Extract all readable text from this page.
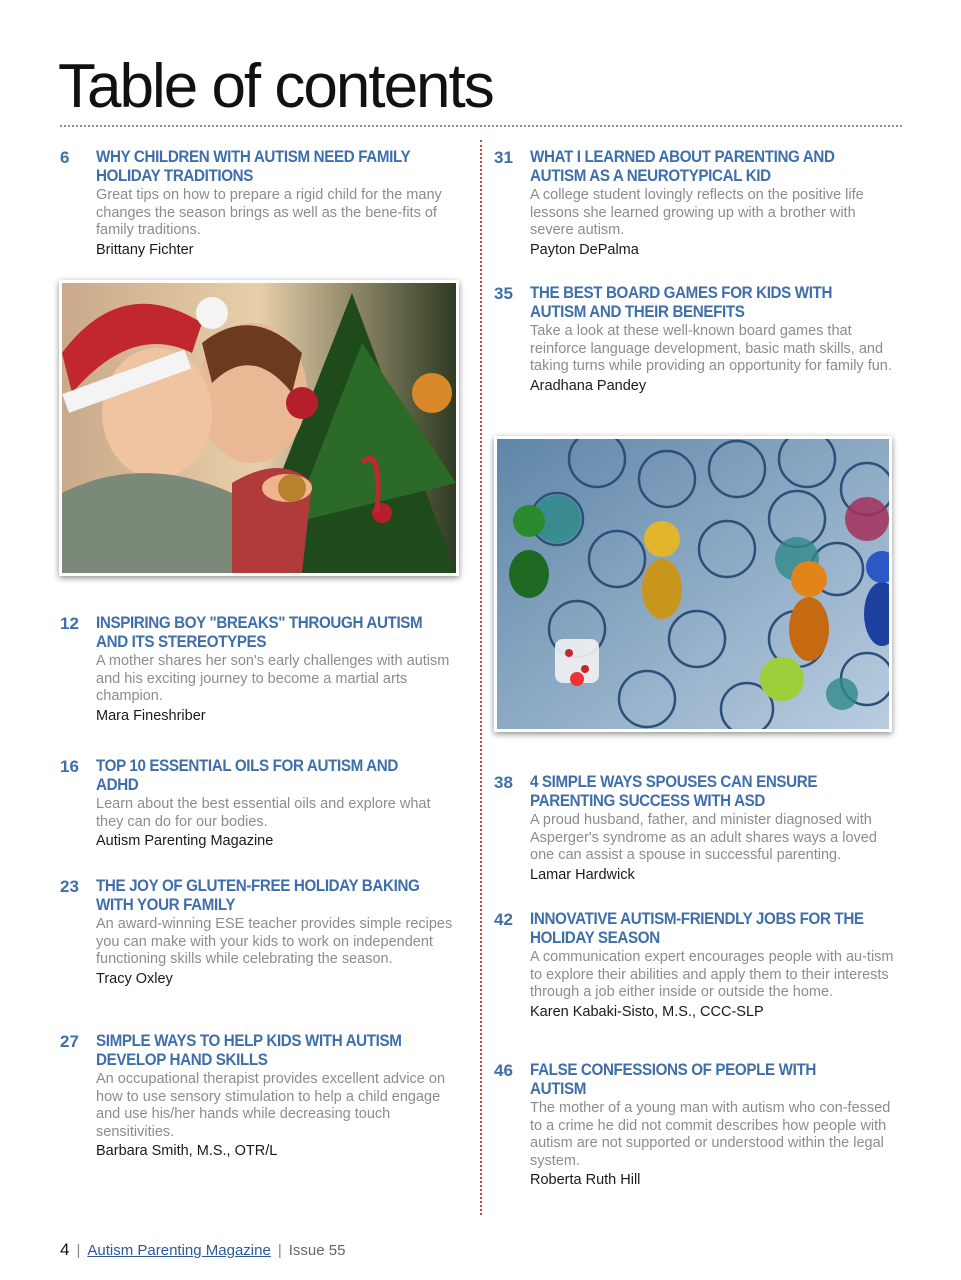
Table of contents
6	WHY CHILDREN WITH AUTISM NEED FAMILY HOLIDAY TRADITIONS
Great tips on how to prepare a rigid child for the many changes the season brings as well as the bene-fits of family traditions.
Brittany Fichter
12	INSPIRING BOY "BREAKS" THROUGH AUTISM AND ITS STEREOTYPES
A mother shares her son's early challenges with autism and his exciting journey to become a martial arts champion.
Mara Fineshriber
16	TOP 10 ESSENTIAL OILS FOR AUTISM AND ADHD
Learn about the best essential oils and explore what they can do for our bodies.
Autism Parenting Magazine
23	THE JOY OF GLUTEN-FREE HOLIDAY BAKING WITH YOUR FAMILY
An award-winning ESE teacher provides simple recipes you can make with your kids to work on independent functioning skills while celebrating the season.
Tracy Oxley
27	SIMPLE WAYS TO HELP KIDS WITH AUTISM DEVELOP HAND SKILLS
An occupational therapist provides excellent advice on how to use sensory stimulation to help a child engage and use his/her hands while decreasing touch sensitivities.
Barbara Smith, M.S., OTR/L
31	WHAT I LEARNED ABOUT PARENTING AND AUTISM AS A NEUROTYPICAL KID
A college student lovingly reflects on the positive life lessons she learned growing up with a brother with severe autism.
Payton DePalma
35	THE BEST BOARD GAMES FOR KIDS WITH AUTISM AND THEIR BENEFITS
Take a look at these well-known board games that reinforce language development, basic math skills, and taking turns while providing an opportunity for family fun.
Aradhana Pandey
38	4 SIMPLE WAYS SPOUSES CAN ENSURE PARENTING SUCCESS WITH ASD
A proud husband, father, and minister diagnosed with Asperger's syndrome as an adult shares ways a loved one can assist a spouse in successful parenting.
Lamar Hardwick
42	INNOVATIVE AUTISM-FRIENDLY JOBS FOR THE HOLIDAY SEASON
A communication expert encourages people with au-tism to explore their abilities and apply them to their interests through a job either inside or outside the home.
Karen Kabaki-Sisto, M.S., CCC-SLP
46	FALSE CONFESSIONS OF PEOPLE WITH AUTISM
The mother of a young man with autism who con-fessed to a crime he did not commit describes how people with autism are not supported or understood within the legal system.
Roberta Ruth Hill
4 | Autism Parenting Magazine | Issue 55
